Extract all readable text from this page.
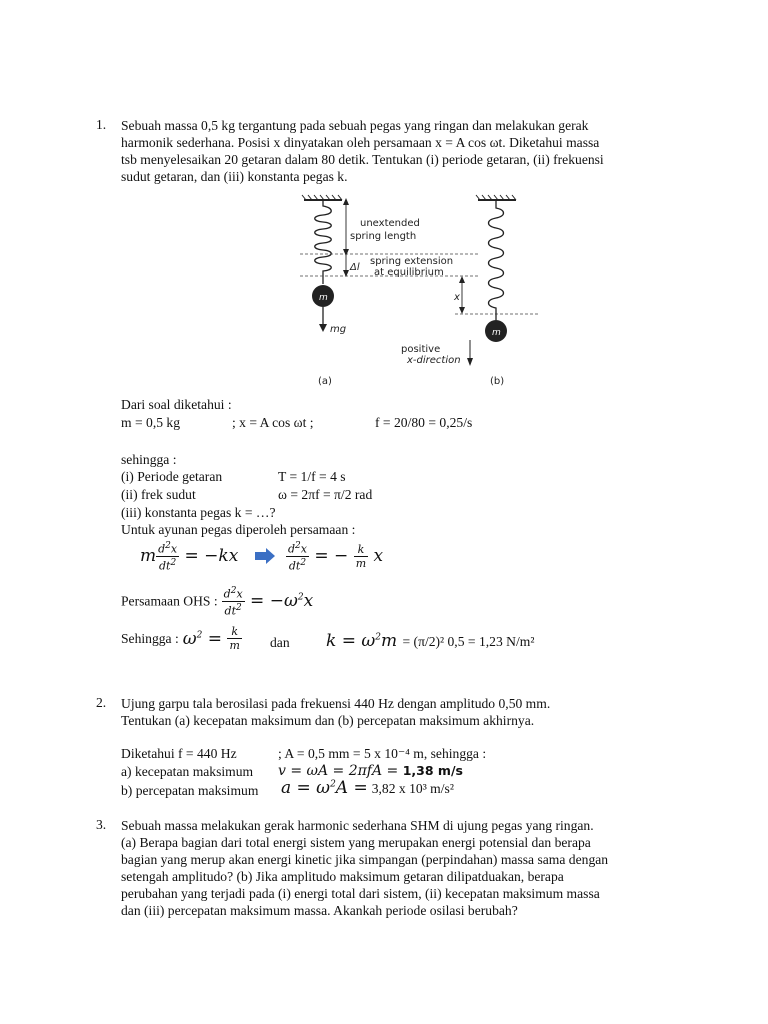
1. Sebuah massa 0,5 kg tergantung pada sebuah pegas yang ringan dan melakukan gerak

harmonik sederhana. Posisi x dinyatakan oleh persamaan x = A cos ωt. Diketahui massa

tsb menyelesaikan 20 getaran dalam 80 detik. Tentukan (i) periode getaran, (ii) frekuensi

sudut getaran, dan (iii) konstanta pegas k.

m
mg
unextended
spring length
Δl
spring extension
at equilibrium
x
m
positive
x-direction
(a)	(b)

Dari soal diketahui :

m = 0,5 kg	; x = A cos ωt ;	f = 20/80 = 0,25/s

sehingga :

(i) Periode getaran	T = 1/f = 4 s

(ii) frek sudut	ω = 2πf = π/2 rad

(iii) konstanta pegas k = …?

Untuk ayunan pegas diperoleh persamaan :

m $\frac{d^2x}{dt^2} = -kx$	$\frac{d^2x}{dt^2}$ = − $\frac{k}{m}$ x
Persamaan OHS : $\frac{d^2x}{dt^2} = -\omega^2x$
Sehingga : $\omega^2 = \frac{k}{m}$ dan $k = \omega^2m = (\pi/2)^2$ 0,5 = 1,23 N/m²
2. Ujung garpu tala berosilasi pada frekuensi 440 Hz dengan amplitudo 0,50 mm.

Tentukan (a) kecepatan maksimum dan (b) percepatan maksimum akhirnya.

Diketahui f = 440 Hz	; A = 0,5 mm = 5 x 10⁻⁴ m, sehingga :

a) kecepatan maksimum v = ωA = 2πfA = 1,38 m/s

b) percepatan maksimum $a = \omega^2A = 3,82$ x 10³ m/s²
3. Sebuah massa melakukan gerak harmonic sederhana SHM di ujung pegas yang ringan.

(a) Berapa bagian dari total energi sistem yang merupakan energi potensial dan berapa

bagian yang merup akan energi kinetic jika simpangan (perpindahan) massa sama dengan

setengah amplitudo? (b) Jika amplitudo maksimum getaran dilipatduakan, berapa

perubahan yang terjadi pada (i) energi total dari sistem, (ii) kecepatan maksimum massa

dan (iii) percepatan maksimum massa. Akankah periode osilasi berubah?
